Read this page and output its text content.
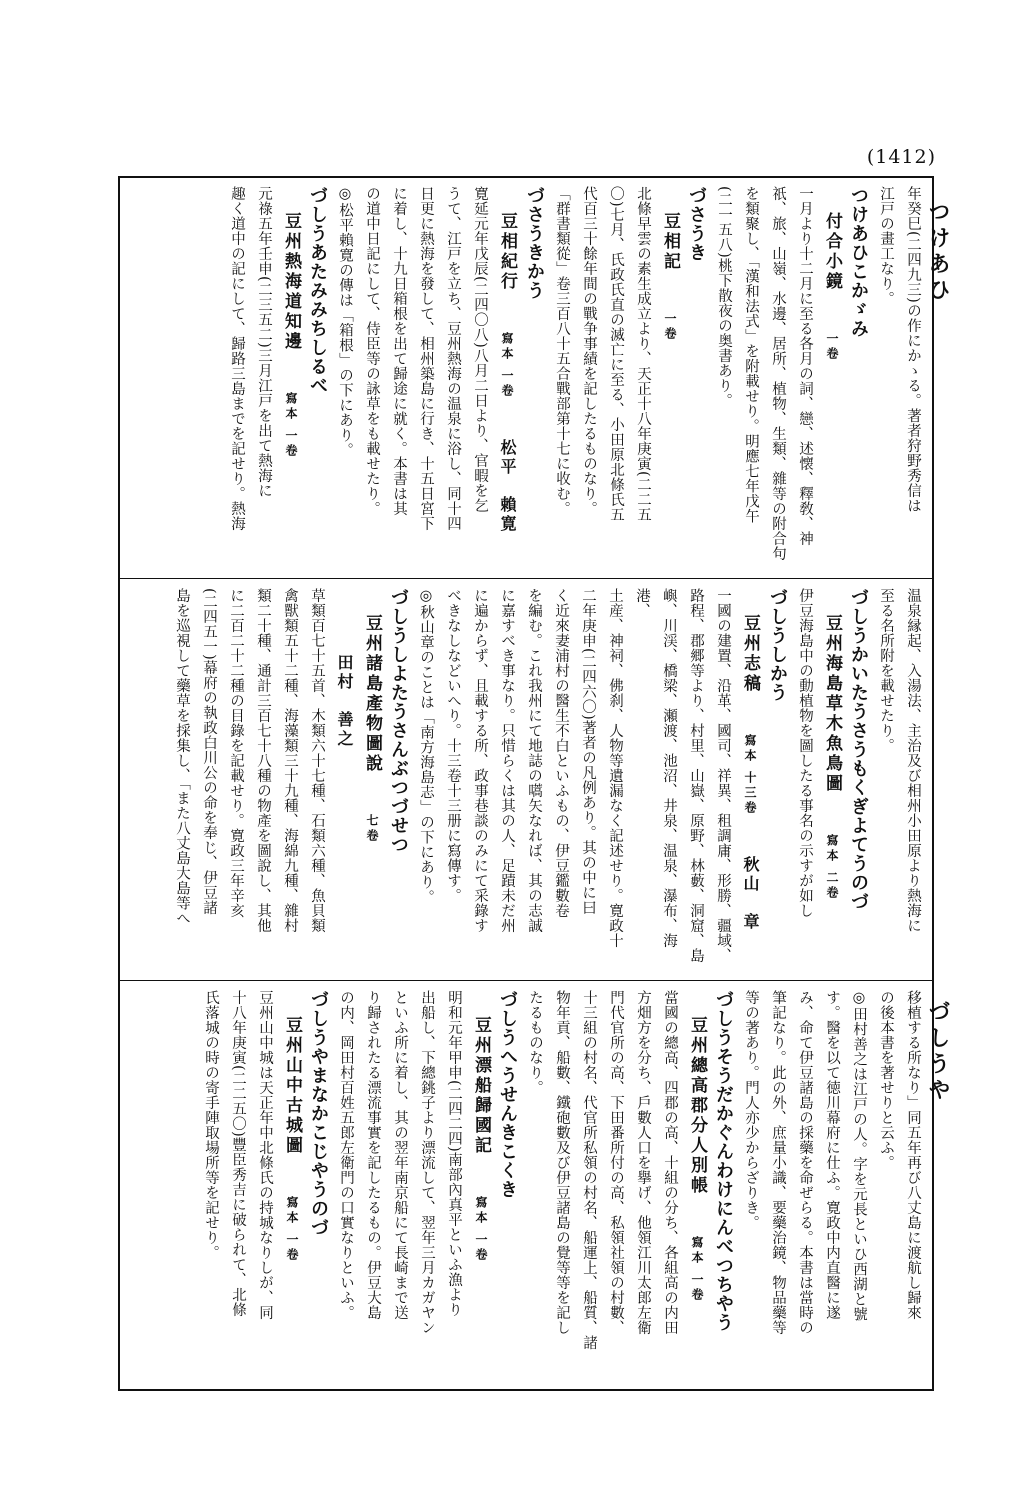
(1412)
つけあひ
づしうや

年癸巳(二四九三)の作にかゝる。著者狩野秀信は

江戸の畫工なり。

つけあひこかゞみ

付合小鏡一卷

一月より十二月に至る各月の詞、戀、述懐、釋敎、神

祇、旅、山嶺、水邊、居所、植物、生類、雜等の附合句

を類聚し、「漢和法式」を附載せり。明應七年戊午

(二一五八)桃下散夜の奥書あり。

づさうき

豆相記一卷

北條早雲の素生成立より、天正十八年庚寅(二二五

〇)七月、氏政氏直の滅亡に至る、小田原北條氏五

代百三十餘年間の戰争事績を記したるものなり。

「群書類從」卷三百八十五合戰部第十七に收む。

づさうきかう

豆相紀行寫本 一卷松平　賴寛

寛延元年戊辰(二四〇八)八月二日より、官暇を乞

うて、江戸を立ち、豆州熱海の温泉に浴し、同十四

日更に熱海を發して、相州築島に行き、十五日宮下

に着し、十九日箱根を出て歸途に就く。本書は其

の道中日記にして、侍臣等の詠草をも載せたり。

◎松平賴寛の傳は「箱根」の下にあり。

づしうあたみみちしるべ

豆州熱海道知邊寫本 一卷

元祿五年壬申(二三五二)三月江戸を出て熱海に

趣く道中の記にして、歸路三島までを記せり。熱海

温泉縁起、入湯法、主治及び相州小田原より熱海に

至る名所附を載せたり。

づしうかいたうさうもくぎよてうのづ

豆州海島草木魚鳥圖寫本 二卷

伊豆海島中の動植物を圖したる事名の示すが如し

づしうしかう

豆州志稿寫本 十三卷秋山　章

一國の建置、沿革、國司、祥異、租調庸、形勝、疆域、

路程、郡郷等より、村里、山嶽、原野、林藪、洞窟、島

嶼、川渓、橋梁、瀬渡、池沼、井泉、温泉、瀑布、海港、

土産、神祠、佛刹、人物等遺漏なく記述せり。寛政十

二年庚申(二四六〇)著者の凡例あり。其の中に曰

く近來妻浦村の醫生不白といふもの、伊豆鑑數卷

を編む。これ我州にて地誌の嚆矢なれば、其の志誠

に嘉すべき事なり。只惜らくは其の人、足蹟未だ州

に遍からず、且載する所、政事巷談のみにて采錄す

べきなしなどいへり。十三卷十三册に寫傳す。

◎秋山章のことは「南方海島志」の下にあり。

づしうしよたうさんぶつづせつ

豆州諸島產物圖說七卷田村　善之

草類百七十五首、木類六十七種、石類六種、魚貝類

禽獸類五十二種、海藻類三十九種、海綿九種、雜村

類二十種、通計三百七十八種の物產を圖說し、其他

に二百二十二種の目錄を記載せり。寛政三年辛亥

(二四五一)幕府の執政白川公の命を奉じ、伊豆諸

島を巡視して藥草を採集し、「また八丈島大島等へ

移植する所なり」同五年再び八丈島に渡航し歸來

の後本書を著せりと云ふ。

◎田村善之は江戸の人。字を元長といひ西湖と號

す。醫を以て徳川幕府に仕ふ。寛政中内直醫に遂

み、命て伊豆諸島の採藥を命ぜらる。本書は當時の

筆記なり。此の外、庶量小識、要藥治鏡、物品藥等

等の著あり。門人亦少からざりき。

づしうそうだかぐんわけにんべつちやう

豆州總高郡分人別帳寫本 一卷

當國の總高、四郡の高、十組の分ち、各組高の内田

方畑方を分ち、戶數人口を擧げ、他領江川太郎左衛

門代官所の高、下田番所付の高、私領社領の村數、

十三組の村名、代官所私領の村名、船運上、船質、諸

物年貢、船數、鐵砲數及び伊豆諸島の覺等等を記し

たるものなり。

づしうへうせんきこくき

豆州漂船歸國記寫本 一卷

明和元年甲申(二四二四)南部內真平といふ漁より

出船し、下總銚子より漂流して、翌年三月カガヤン

といふ所に着し、其の翌年南京船にて長崎まで送

り歸されたる漂流事實を記したるもの。伊豆大島

の内、岡田村百姓五郎左衛門の口實なりといふ。

づしうやまなかこじやうのづ

豆州山中古城圖寫本 一卷

豆州山中城は天正年中北條氏の持城なりしが、同

十八年庚寅(二二五〇)豐臣秀吉に破られて、北條

氏落城の時の寄手陣取場所等を記せり。
